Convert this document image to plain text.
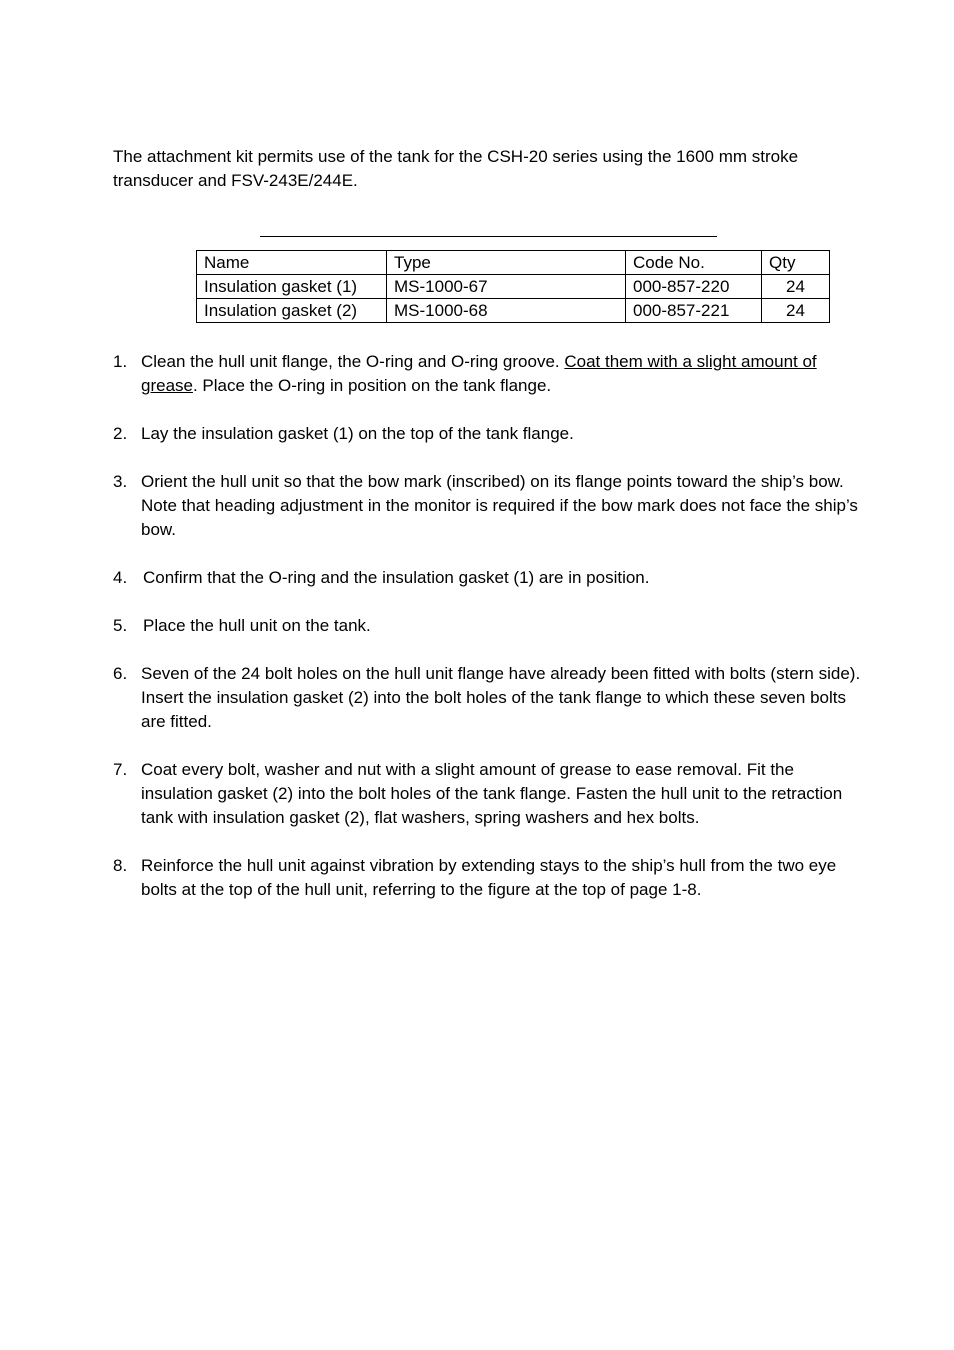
The attachment kit permits use of the tank for the CSH-20 series using the 1600 mm stroke transducer and FSV-243E/244E.

Name	Type	Code No.	Qty
Insulation gasket (1)	MS-1000-67	000-857-220	24
Insulation gasket (2)	MS-1000-68	000-857-221	24
1. Clean the hull unit flange, the O-ring and O-ring groove. Coat them with a slight amount of grease. Place the O-ring in position on the tank flange.
2. Lay the insulation gasket (1) on the top of the tank flange.
3. Orient the hull unit so that the bow mark (inscribed) on its flange points toward the ship’s bow. Note that heading adjustment in the monitor is required if the bow mark does not face the ship’s bow.
4. Confirm that the O-ring and the insulation gasket (1) are in position.
5. Place the hull unit on the tank.
6. Seven of the 24 bolt holes on the hull unit flange have already been fitted with bolts (stern side). Insert the insulation gasket (2) into the bolt holes of the tank flange to which these seven bolts are fitted.
7. Coat every bolt, washer and nut with a slight amount of grease to ease removal. Fit the insulation gasket (2) into the bolt holes of the tank flange. Fasten the hull unit to the retraction tank with insulation gasket (2), flat washers, spring washers and hex bolts.
8. Reinforce the hull unit against vibration by extending stays to the ship’s hull from the two eye bolts at the top of the hull unit, referring to the figure at the top of page 1-8.
